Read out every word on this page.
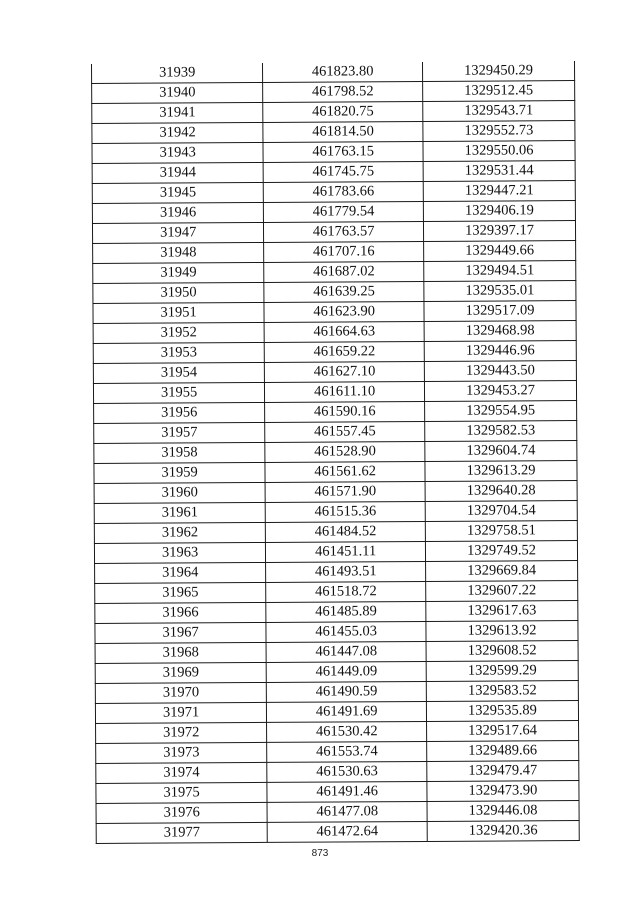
31939	461823.80	1329450.29
31940	461798.52	1329512.45
31941	461820.75	1329543.71
31942	461814.50	1329552.73
31943	461763.15	1329550.06
31944	461745.75	1329531.44
31945	461783.66	1329447.21
31946	461779.54	1329406.19
31947	461763.57	1329397.17
31948	461707.16	1329449.66
31949	461687.02	1329494.51
31950	461639.25	1329535.01
31951	461623.90	1329517.09
31952	461664.63	1329468.98
31953	461659.22	1329446.96
31954	461627.10	1329443.50
31955	461611.10	1329453.27
31956	461590.16	1329554.95
31957	461557.45	1329582.53
31958	461528.90	1329604.74
31959	461561.62	1329613.29
31960	461571.90	1329640.28
31961	461515.36	1329704.54
31962	461484.52	1329758.51
31963	461451.11	1329749.52
31964	461493.51	1329669.84
31965	461518.72	1329607.22
31966	461485.89	1329617.63
31967	461455.03	1329613.92
31968	461447.08	1329608.52
31969	461449.09	1329599.29
31970	461490.59	1329583.52
31971	461491.69	1329535.89
31972	461530.42	1329517.64
31973	461553.74	1329489.66
31974	461530.63	1329479.47
31975	461491.46	1329473.90
31976	461477.08	1329446.08
31977	461472.64	1329420.36
873
